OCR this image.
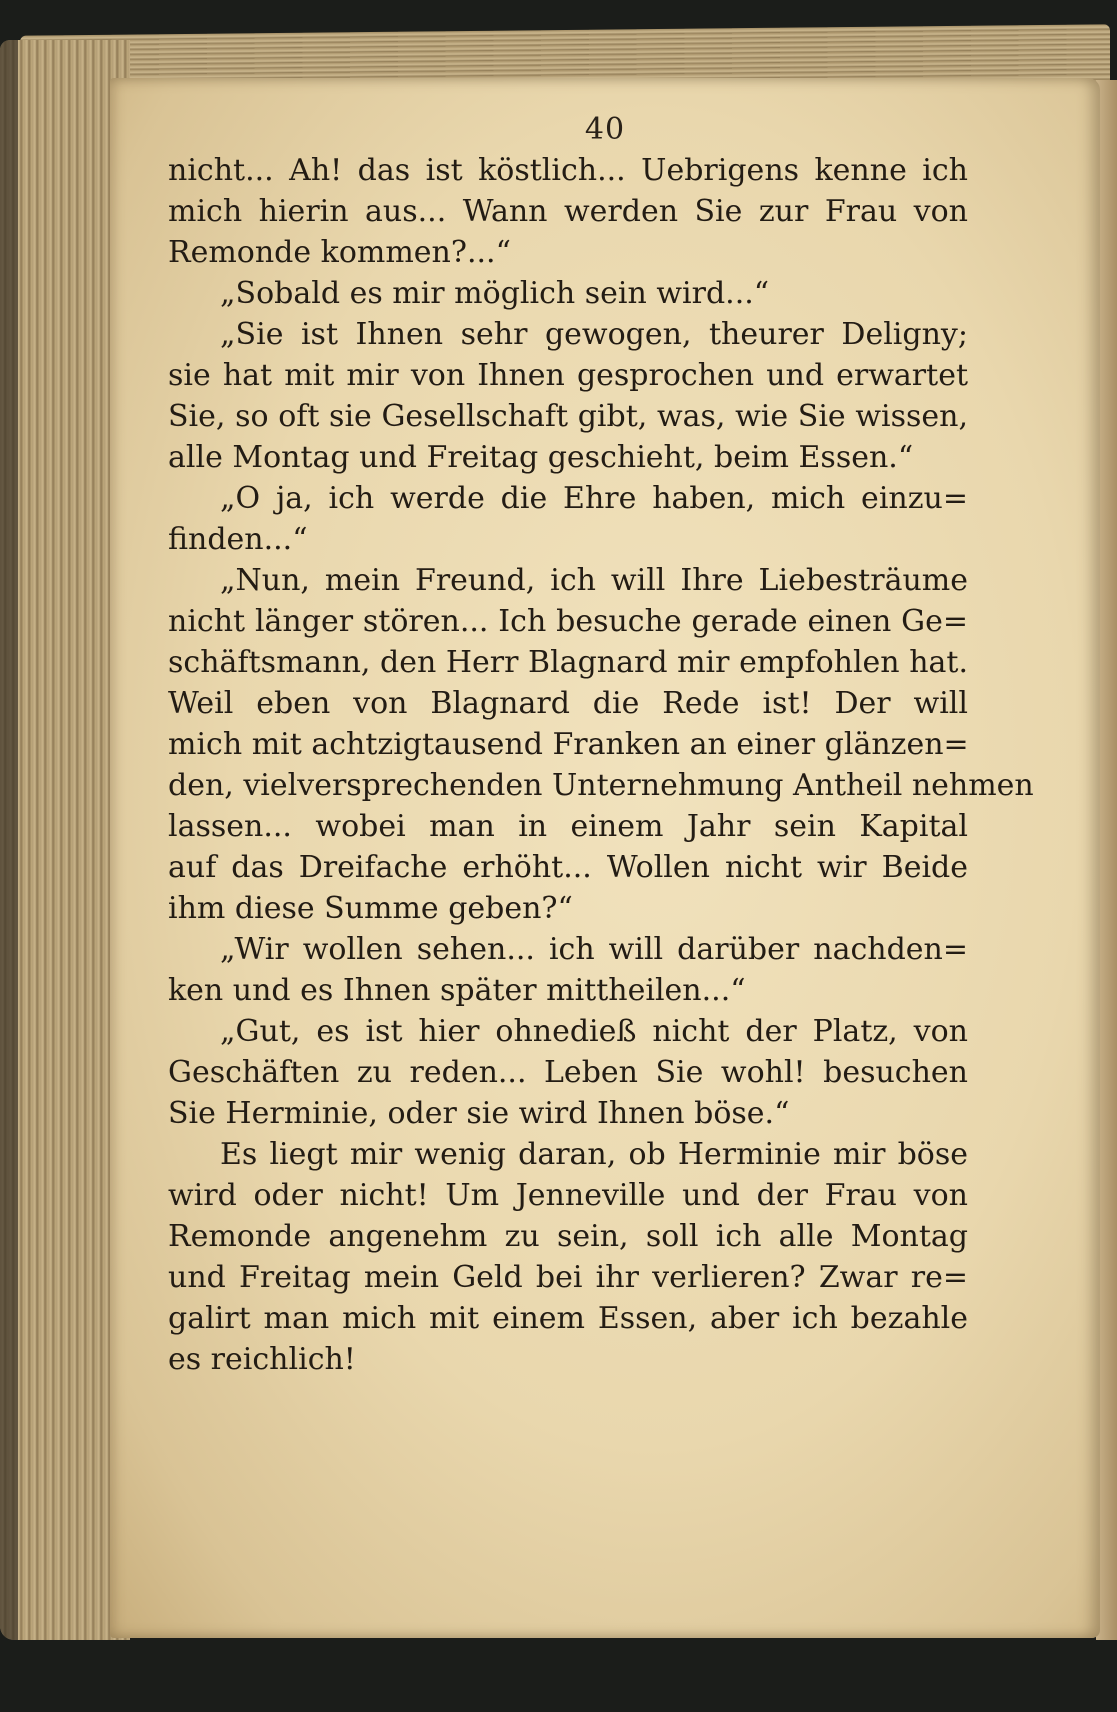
40
nicht... Ah! das ist köstlich... Uebrigens kenne ich
mich hierin aus... Wann werden Sie zur Frau von
Remonde kommen?...“
„Sobald es mir möglich sein wird...“
„Sie ist Ihnen sehr gewogen, theurer Deligny;
sie hat mit mir von Ihnen gesprochen und erwartet
Sie, so oft sie Gesellschaft gibt, was, wie Sie wissen,
alle Montag und Freitag geschieht, beim Essen.“
„O ja, ich werde die Ehre haben, mich einzu=
finden...“
„Nun, mein Freund, ich will Ihre Liebesträume
nicht länger stören... Ich besuche gerade einen Ge=
schäftsmann, den Herr Blagnard mir empfohlen hat.
Weil eben von Blagnard die Rede ist! Der will
mich mit achtzigtausend Franken an einer glänzen=
den, vielversprechenden Unternehmung Antheil nehmen
lassen... wobei man in einem Jahr sein Kapital
auf das Dreifache erhöht... Wollen nicht wir Beide
ihm diese Summe geben?“
„Wir wollen sehen... ich will darüber nachden=
ken und es Ihnen später mittheilen...“
„Gut, es ist hier ohnedieß nicht der Platz, von
Geschäften zu reden... Leben Sie wohl! besuchen
Sie Herminie, oder sie wird Ihnen böse.“
Es liegt mir wenig daran, ob Herminie mir böse
wird oder nicht! Um Jenneville und der Frau von
Remonde angenehm zu sein, soll ich alle Montag
und Freitag mein Geld bei ihr verlieren? Zwar re=
galirt man mich mit einem Essen, aber ich bezahle
es reichlich!
